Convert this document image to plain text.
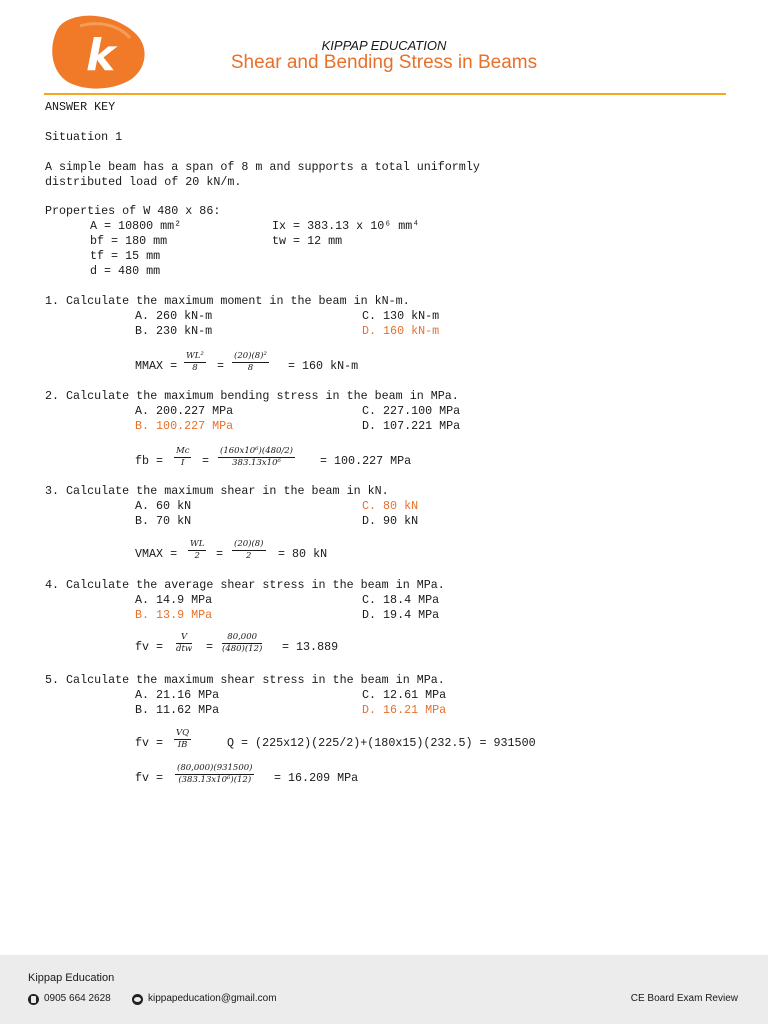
k	KIPPAP EDUCATION
Shear and Bending Stress in Beams
ANSWER KEY
Situation 1
A simple beam has a span of 8 m and supports a total uniformly
distributed load of 20 kN/m.
Properties of W 480 x 86:
A = 10800 mm²	Ix = 383.13 x 10⁶ mm⁴
bf = 180 mm	tw = 12 mm
tf = 15 mm
d = 480 mm
1. Calculate the maximum moment in the beam in kN-m.
A. 260 kN-m	C. 130 kN-m
B. 230 kN-m	D. 160 kN-m
MMAX = $\frac{\text{WL²}}{8} = \frac{\text{(20)(8)²}}{8} = 160$ kN-m
2. Calculate the maximum bending stress in the beam in MPa.
A. 200.227 MPa	C. 227.100 MPa
B. 100.227 MPa	D. 107.221 MPa
fb = $\frac{Mc}{I} = \frac{\text{(160x10⁶)(480/2)}}{\text{383.13x10⁶}} = 100.227$ MPa
3. Calculate the maximum shear in the beam in kN.
A. 60 kN	C. 80 kN
B. 70 kN	D. 90 kN
VMAX = $\frac{WL}{2} = \frac{(20)(8)}{2} = 80$ kN
4. Calculate the average shear stress in the beam in MPa.
A. 14.9 MPa	C. 18.4 MPa
B. 13.9 MPa	D. 19.4 MPa
fv =
V
dtw = $\frac{80,000}{(480)(12)} = 13.889$
5. Calculate the maximum shear stress in the beam in MPa.
A. 21.16 MPa	C. 12.61 MPa
B. 11.62 MPa	D. 16.21 MPa
fv = $\frac{VQ}{IB}$	Q = (225x12)(225/2)+(180x15)(232.5) = 931500
fv = $\frac{(80,000)(931500)}{\text{(383.13x10⁶)(12)}} = 16.209$ MPa
Kippap Education
0905 664 2628	kippapeducation@gmail.com	CE Board Exam Review
